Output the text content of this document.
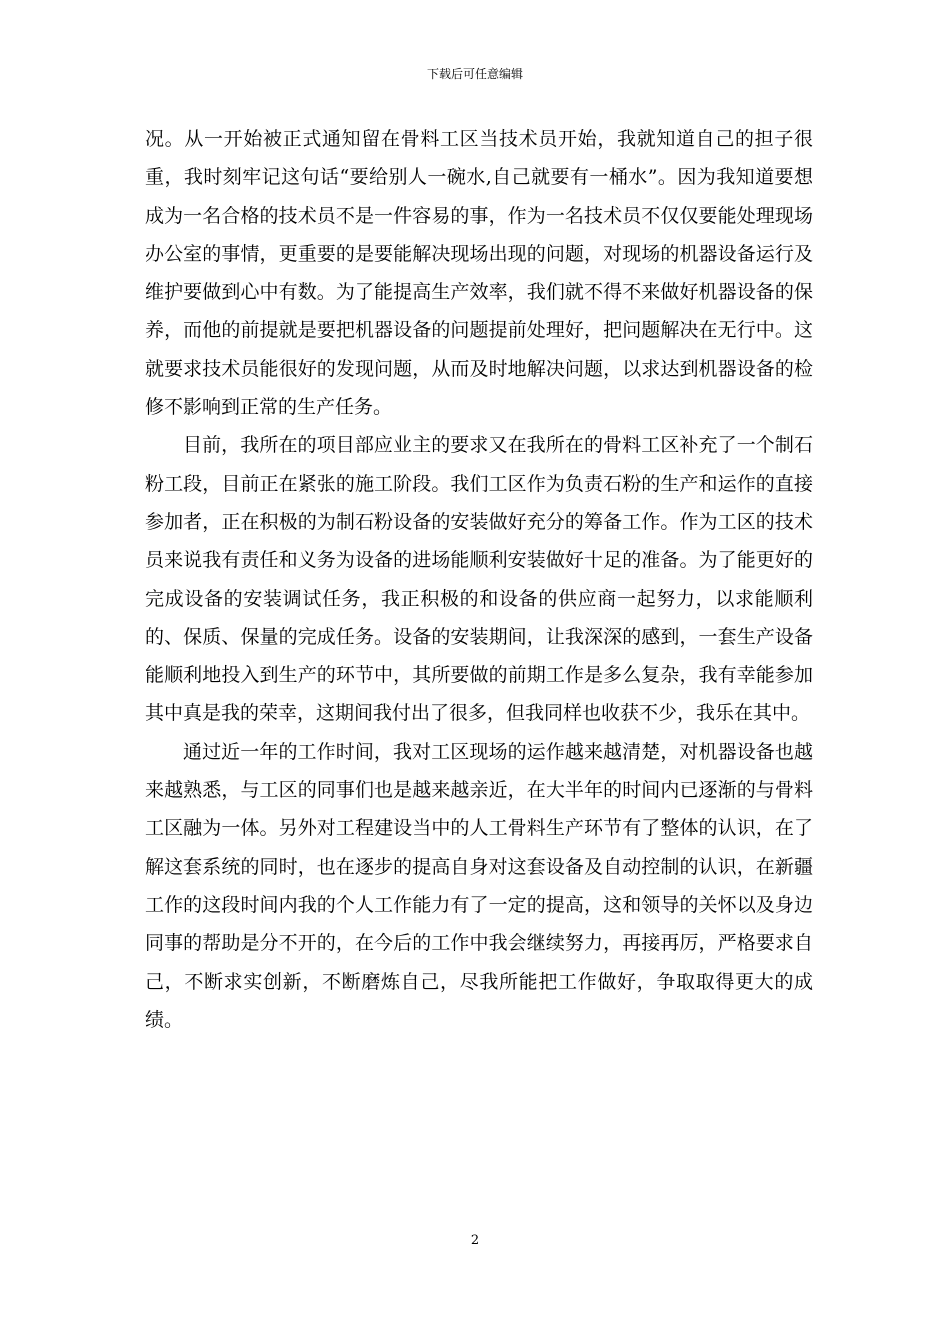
下载后可任意编辑

况。从一开始被正式通知留在骨料工区当技术员开始，我就知道自己的担子很重，我时刻牢记这句话“要给别人一碗水,自己就要有一桶水”。因为我知道要想成为一名合格的技术员不是一件容易的事，作为一名技术员不仅仅要能处理现场办公室的事情，更重要的是要能解决现场出现的问题，对现场的机器设备运行及维护要做到心中有数。为了能提高生产效率，我们就不得不来做好机器设备的保养，而他的前提就是要把机器设备的问题提前处理好，把问题解决在无行中。这就要求技术员能很好的发现问题，从而及时地解决问题，以求达到机器设备的检修不影响到正常的生产任务。

目前，我所在的项目部应业主的要求又在我所在的骨料工区补充了一个制石粉工段，目前正在紧张的施工阶段。我们工区作为负责石粉的生产和运作的直接参加者，正在积极的为制石粉设备的安装做好充分的筹备工作。作为工区的技术员来说我有责任和义务为设备的进场能顺利安装做好十足的准备。为了能更好的完成设备的安装调试任务，我正积极的和设备的供应商一起努力，以求能顺利的、保质、保量的完成任务。设备的安装期间，让我深深的感到，一套生产设备能顺利地投入到生产的环节中，其所要做的前期工作是多么复杂，我有幸能参加其中真是我的荣幸，这期间我付出了很多，但我同样也收获不少，我乐在其中。

通过近一年的工作时间，我对工区现场的运作越来越清楚，对机器设备也越来越熟悉，与工区的同事们也是越来越亲近，在大半年的时间内已逐渐的与骨料工区融为一体。另外对工程建设当中的人工骨料生产环节有了整体的认识，在了解这套系统的同时，也在逐步的提高自身对这套设备及自动控制的认识，在新疆工作的这段时间内我的个人工作能力有了一定的提高，这和领导的关怀以及身边同事的帮助是分不开的，在今后的工作中我会继续努力，再接再厉，严格要求自己，不断求实创新，不断磨炼自己，尽我所能把工作做好，争取取得更大的成绩。

2
